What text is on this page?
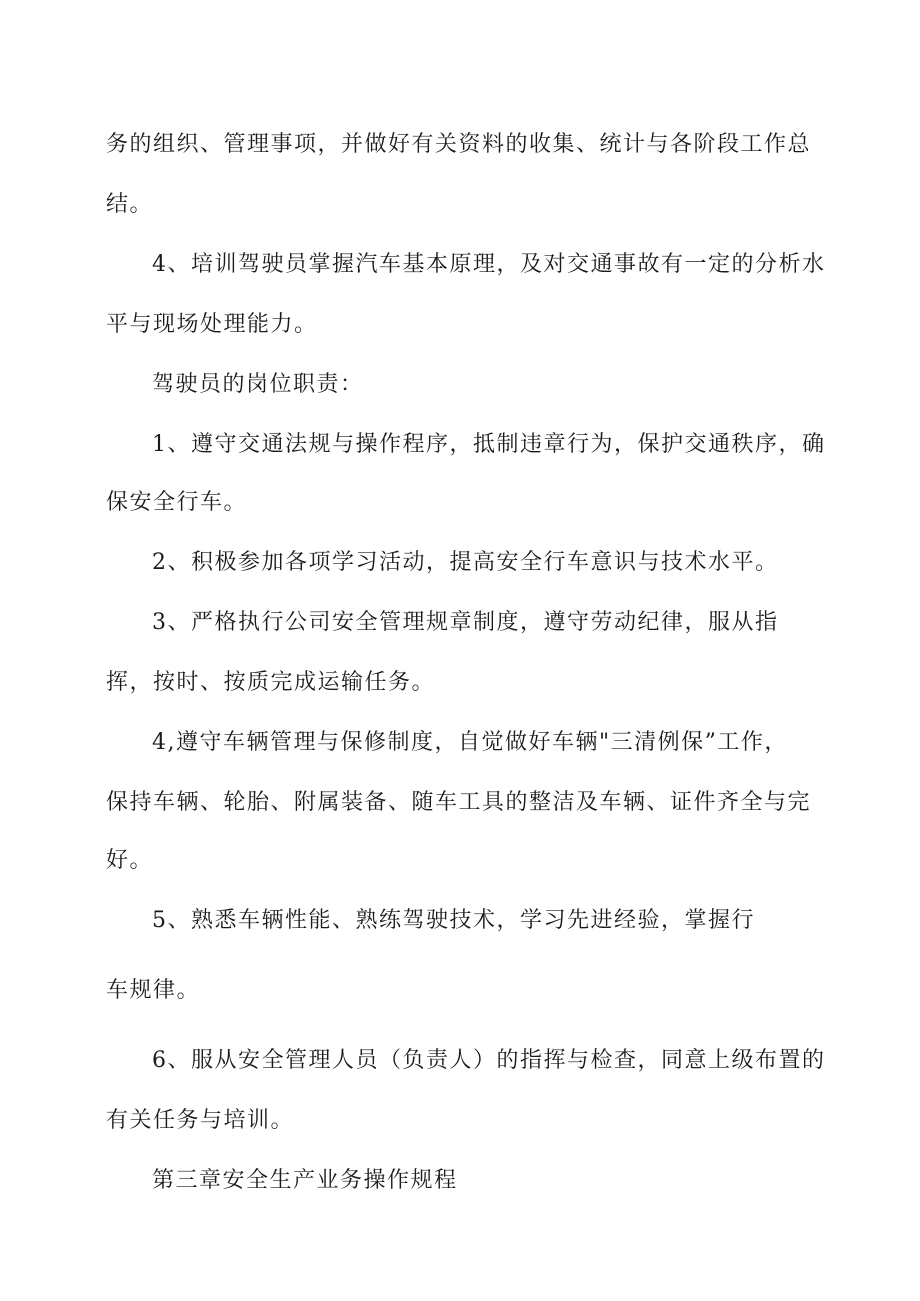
务的组织、管理事项，并做好有关资料的收集、统计与各阶段工作总
结。
4、培训驾驶员掌握汽车基本原理，及对交通事故有一定的分析水
平与现场处理能力。
驾驶员的岗位职责：
1、遵守交通法规与操作程序，抵制违章行为，保护交通秩序，确
保安全行车。
2、积极参加各项学习活动，提高安全行车意识与技术水平。
3、严格执行公司安全管理规章制度，遵守劳动纪律，服从指
挥，按时、按质完成运输任务。
4,遵守车辆管理与保修制度，自觉做好车辆"三清例保”工作，
保持车辆、轮胎、附属装备、随车工具的整洁及车辆、证件齐全与完
好。
5、熟悉车辆性能、熟练驾驶技术，学习先进经验，掌握行
车规律。
6、服从安全管理人员（负责人）的指挥与检查，同意上级布置的
有关任务与培训。
第三章安全生产业务操作规程
